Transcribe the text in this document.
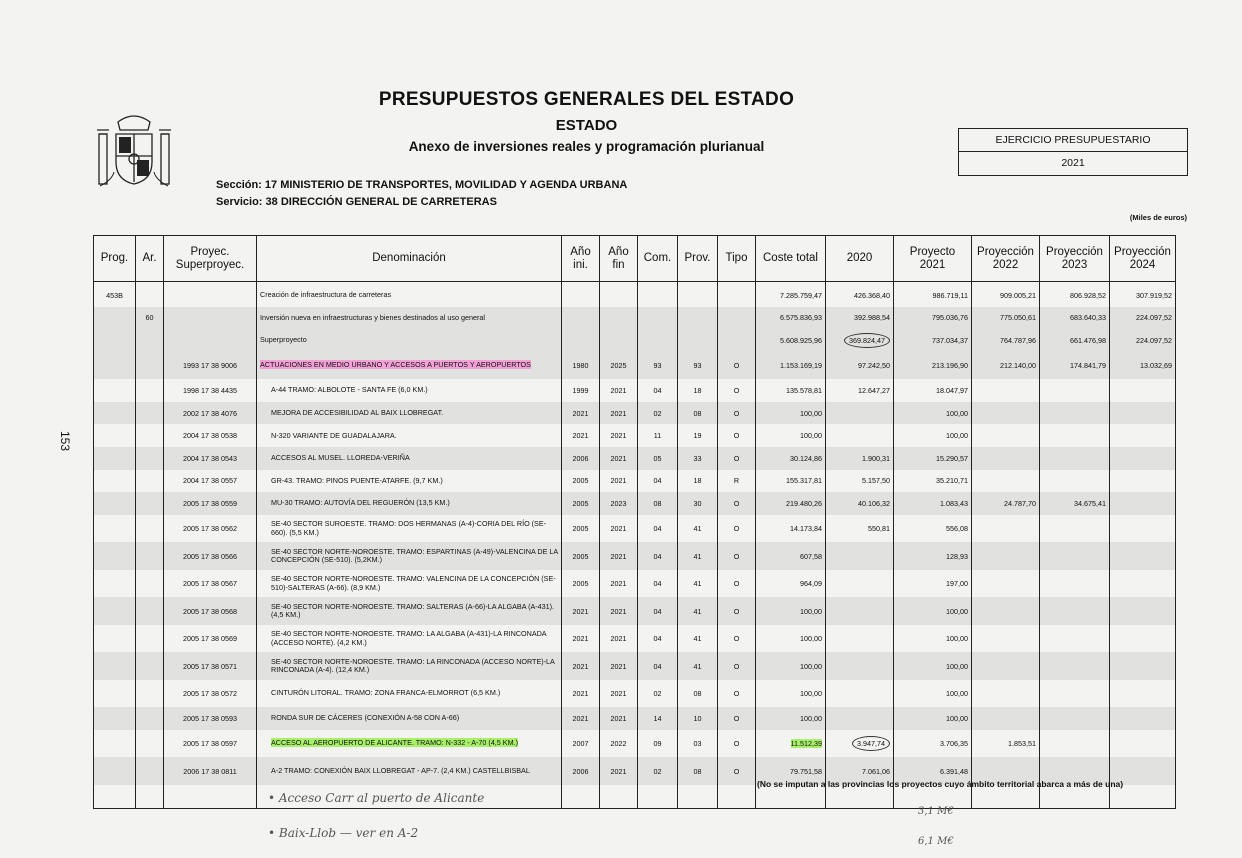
PRESUPUESTOS GENERALES DEL ESTADO
ESTADO
Anexo de inversiones reales y programación plurianual	EJERCICIO PRESUPUESTARIO
2021
Sección: 17 MINISTERIO DE TRANSPORTES, MOVILIDAD Y AGENDA URBANA
Servicio: 38 DIRECCIÓN GENERAL DE CARRETERAS
(Miles de euros)
153
Prog.	Ar.	Proyec. Superproyec.	Denominación	Año ini.	Año fin	Com.	Prov.	Tipo	Coste total	2020	Proyecto 2021	Proyección 2022	Proyección 2023	Proyección 2024
453B			Creación de infraestructura de carreteras						7.285.759,47	426.368,40	986.719,11	909.005,21	806.928,52	307.919,52
	60		Inversión nueva en infraestructuras y bienes destinados al uso general						6.575.836,93	392.988,54	795.036,76	775.050,61	683.640,33	224.097,52
			Superproyecto						5.608.925,96	369.824,47	737.034,37	764.787,96	661.476,98	224.097,52
		1993 17 38 9006	ACTUACIONES EN MEDIO URBANO Y ACCESOS A PUERTOS Y AEROPUERTOS	1980	2025	93	93	O	1.153.169,19	97.242,50	213.196,90	212.140,00	174.841,79	13.032,69
		1998 17 38 4435	A-44 TRAMO: ALBOLOTE - SANTA FE (6,0 KM.)	1999	2021	04	18	O	135.578,81	12.647,27	18.047,97			
		2002 17 38 4076	MEJORA DE ACCESIBILIDAD AL BAIX LLOBREGAT.	2021	2021	02	08	O	100,00		100,00			
		2004 17 38 0538	N-320 VARIANTE DE GUADALAJARA.	2021	2021	11	19	O	100,00		100,00			
		2004 17 38 0543	ACCESOS AL MUSEL. LLOREDA-VERIÑA	2006	2021	05	33	O	30.124,86	1.900,31	15.290,57			
		2004 17 38 0557	GR-43. TRAMO: PINOS PUENTE-ATARFE. (9,7 KM.)	2005	2021	04	18	R	155.317,81	5.157,50	35.210,71			
		2005 17 38 0559	MU-30 TRAMO: AUTOVÍA DEL REGUERÓN (13,5 KM.)	2005	2023	08	30	O	219.480,26	40.106,32	1.083,43	24.787,70	34.675,41	
		2005 17 38 0562	SE-40 SECTOR SUROESTE. TRAMO: DOS HERMANAS (A-4)-CORIA DEL RÍO (SE-660). (5,5 KM.)	2005	2021	04	41	O	14.173,84	550,81	556,08			
		2005 17 38 0566	SE-40 SECTOR NORTE-NOROESTE. TRAMO: ESPARTINAS (A-49)-VALENCINA DE LA CONCEPCIÓN (SE-510). (5,2KM.)	2005	2021	04	41	O	607,58		128,93			
		2005 17 38 0567	SE-40 SECTOR NORTE-NOROESTE. TRAMO: VALENCINA DE LA CONCEPCIÓN (SE-510)-SALTERAS (A-66). (8,9 KM.)	2005	2021	04	41	O	964,09		197,00			
		2005 17 38 0568	SE-40 SECTOR NORTE-NOROESTE. TRAMO: SALTERAS (A-66)-LA ALGABA (A-431). (4,5 KM.)	2021	2021	04	41	O	100,00		100,00			
		2005 17 38 0569	SE-40 SECTOR NORTE-NOROESTE. TRAMO: LA ALGABA (A-431)-LA RINCONADA (ACCESO NORTE). (4,2 KM.)	2021	2021	04	41	O	100,00		100,00			
		2005 17 38 0571	SE-40 SECTOR NORTE-NOROESTE. TRAMO: LA RINCONADA (ACCESO NORTE)-LA RINCONADA (A-4). (12,4 KM.)	2021	2021	04	41	O	100,00		100,00			
		2005 17 38 0572	CINTURÓN LITORAL. TRAMO: ZONA FRANCA-ELMORROT (6,5 KM.)	2021	2021	02	08	O	100,00		100,00			
		2005 17 38 0593	RONDA SUR DE CÁCERES (CONEXIÓN A-58 CON A-66)	2021	2021	14	10	O	100,00		100,00			
		2005 17 38 0597	ACCESO AL AEROPUERTO DE ALICANTE. TRAMO: N-332 - A-70 (4,5 KM.)	2007	2022	09	03	O	11.512,39	3.947,74	3.706,35	1.853,51		
		2006 17 38 0811	A-2 TRAMO: CONEXIÓN BAIX LLOBREGAT - AP-7. (2,4 KM.) CASTELLBISBAL	2006	2021	02	08	O	79.751,58	7.061,06	6.391,48			

(No se imputan a las provincias los proyectos cuyo ámbito territorial abarca a más de una)
• Acceso Carr al puerto de Alicante
• Baix-Llob — ver en A-2
3,1 M€
6,1 M€
